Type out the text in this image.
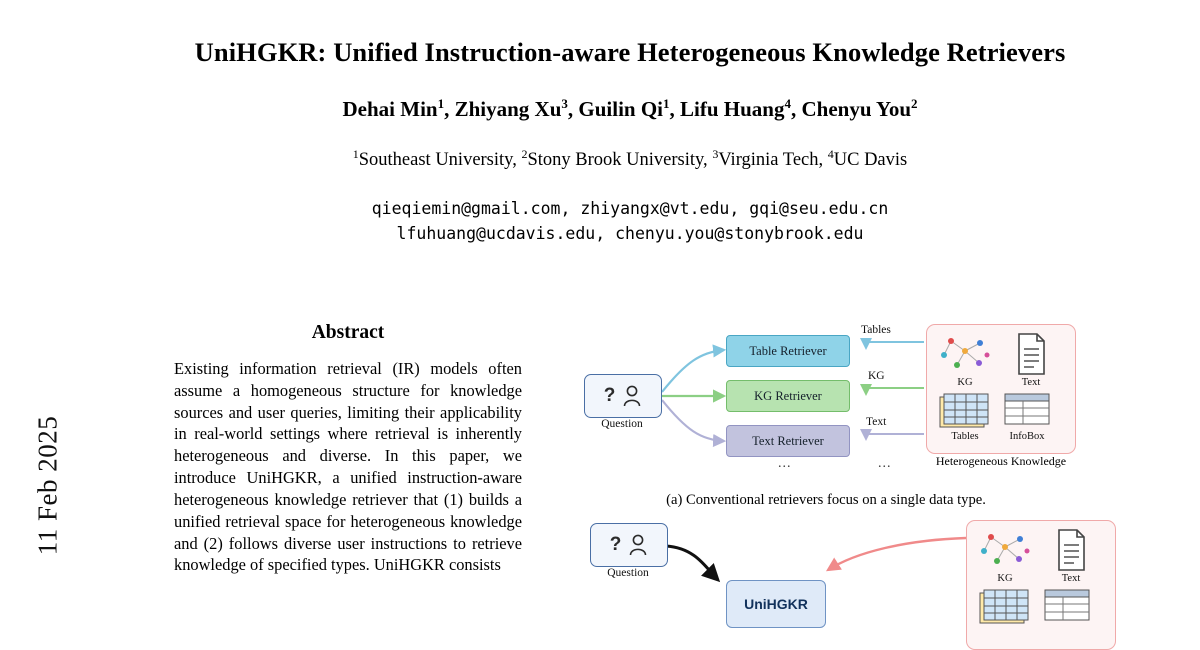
11 Feb 2025
UniHGKR: Unified Instruction-aware Heterogeneous Knowledge Retrievers
Dehai Min$^1$, Zhiyang Xu$^3$, Guilin Qi$^1$, Lifu Huang$^4$, Chenyu You$^2$
$^1$Southeast University, $^2$Stony Brook University, $^3$Virginia Tech, $^4$UC Davis
qieqiemin@gmail.com, zhiyangx@vt.edu, gqi@seu.edu.cn
lfuhuang@ucdavis.edu, chenyu.you@stonybrook.edu
Abstract
Existing information retrieval (IR) models often assume a homogeneous structure for knowledge sources and user queries, limiting their applicability in real-world settings where retrieval is inherently heterogeneous and diverse. In this paper, we introduce UniHGKR, a unified instruction-aware heterogeneous knowledge retriever that (1) builds a unified retrieval space for heterogeneous knowledge and (2) follows diverse user instructions to retrieve knowledge of specified types. UniHGKR consists
?
Question
Table Retriever
KG Retriever
Text Retriever
...	...
Tables
KG
Text
KG	Text
Tables	InfoBox
Heterogeneous Knowledge
(a) Conventional retrievers focus on a single data type.
?
Question
UniHGKR
KG	Text
